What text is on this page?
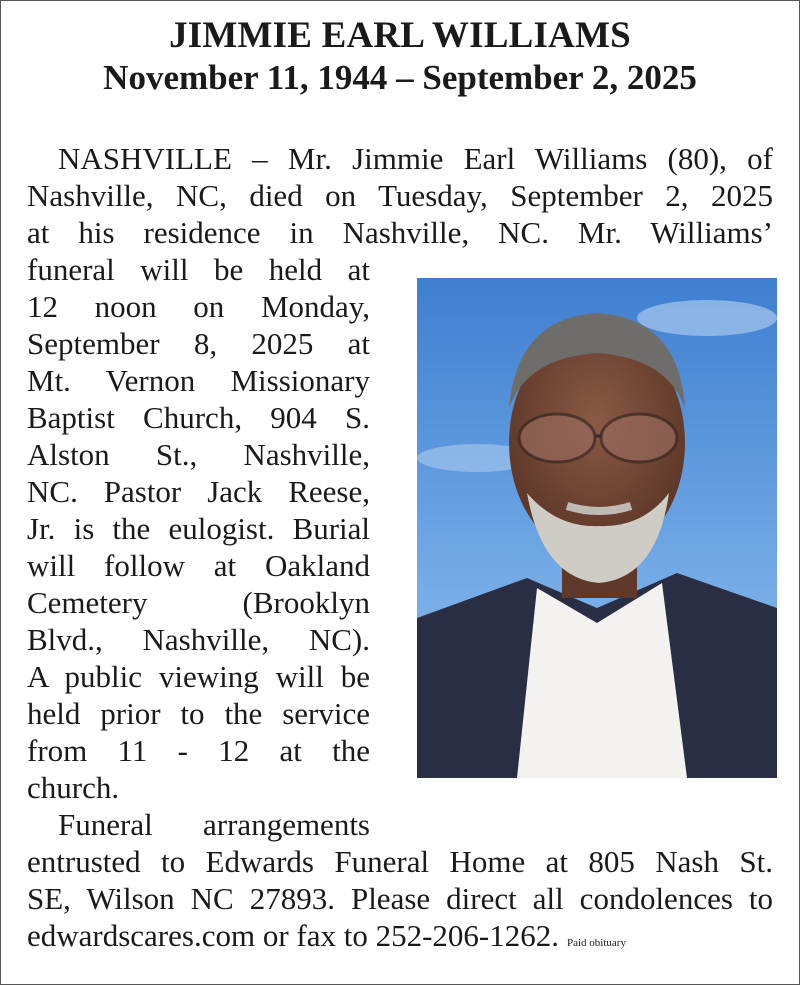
JIMMIE EARL WILLIAMS
November 11, 1944 – September 2, 2025
NASHVILLE – Mr. Jimmie Earl Williams (80), of
Nashville, NC, died on Tuesday, September 2, 2025
at his residence in Nashville, NC. Mr. Williams’
funeral will be held at
12 noon on Monday,
September 8, 2025 at
Mt. Vernon Missionary
Baptist Church, 904 S.
Alston St., Nashville,
NC. Pastor Jack Reese,
Jr. is the eulogist. Burial
will follow at Oakland
Cemetery (Brooklyn
Blvd., Nashville, NC).
A public viewing will be
held prior to the service
from 11 - 12 at the
church.
Funeral arrangements
entrusted to Edwards Funeral Home at 805 Nash St.
SE, Wilson NC 27893. Please direct all condolences to
edwardscares.com or fax to 252-206-1262. Paid obituary
